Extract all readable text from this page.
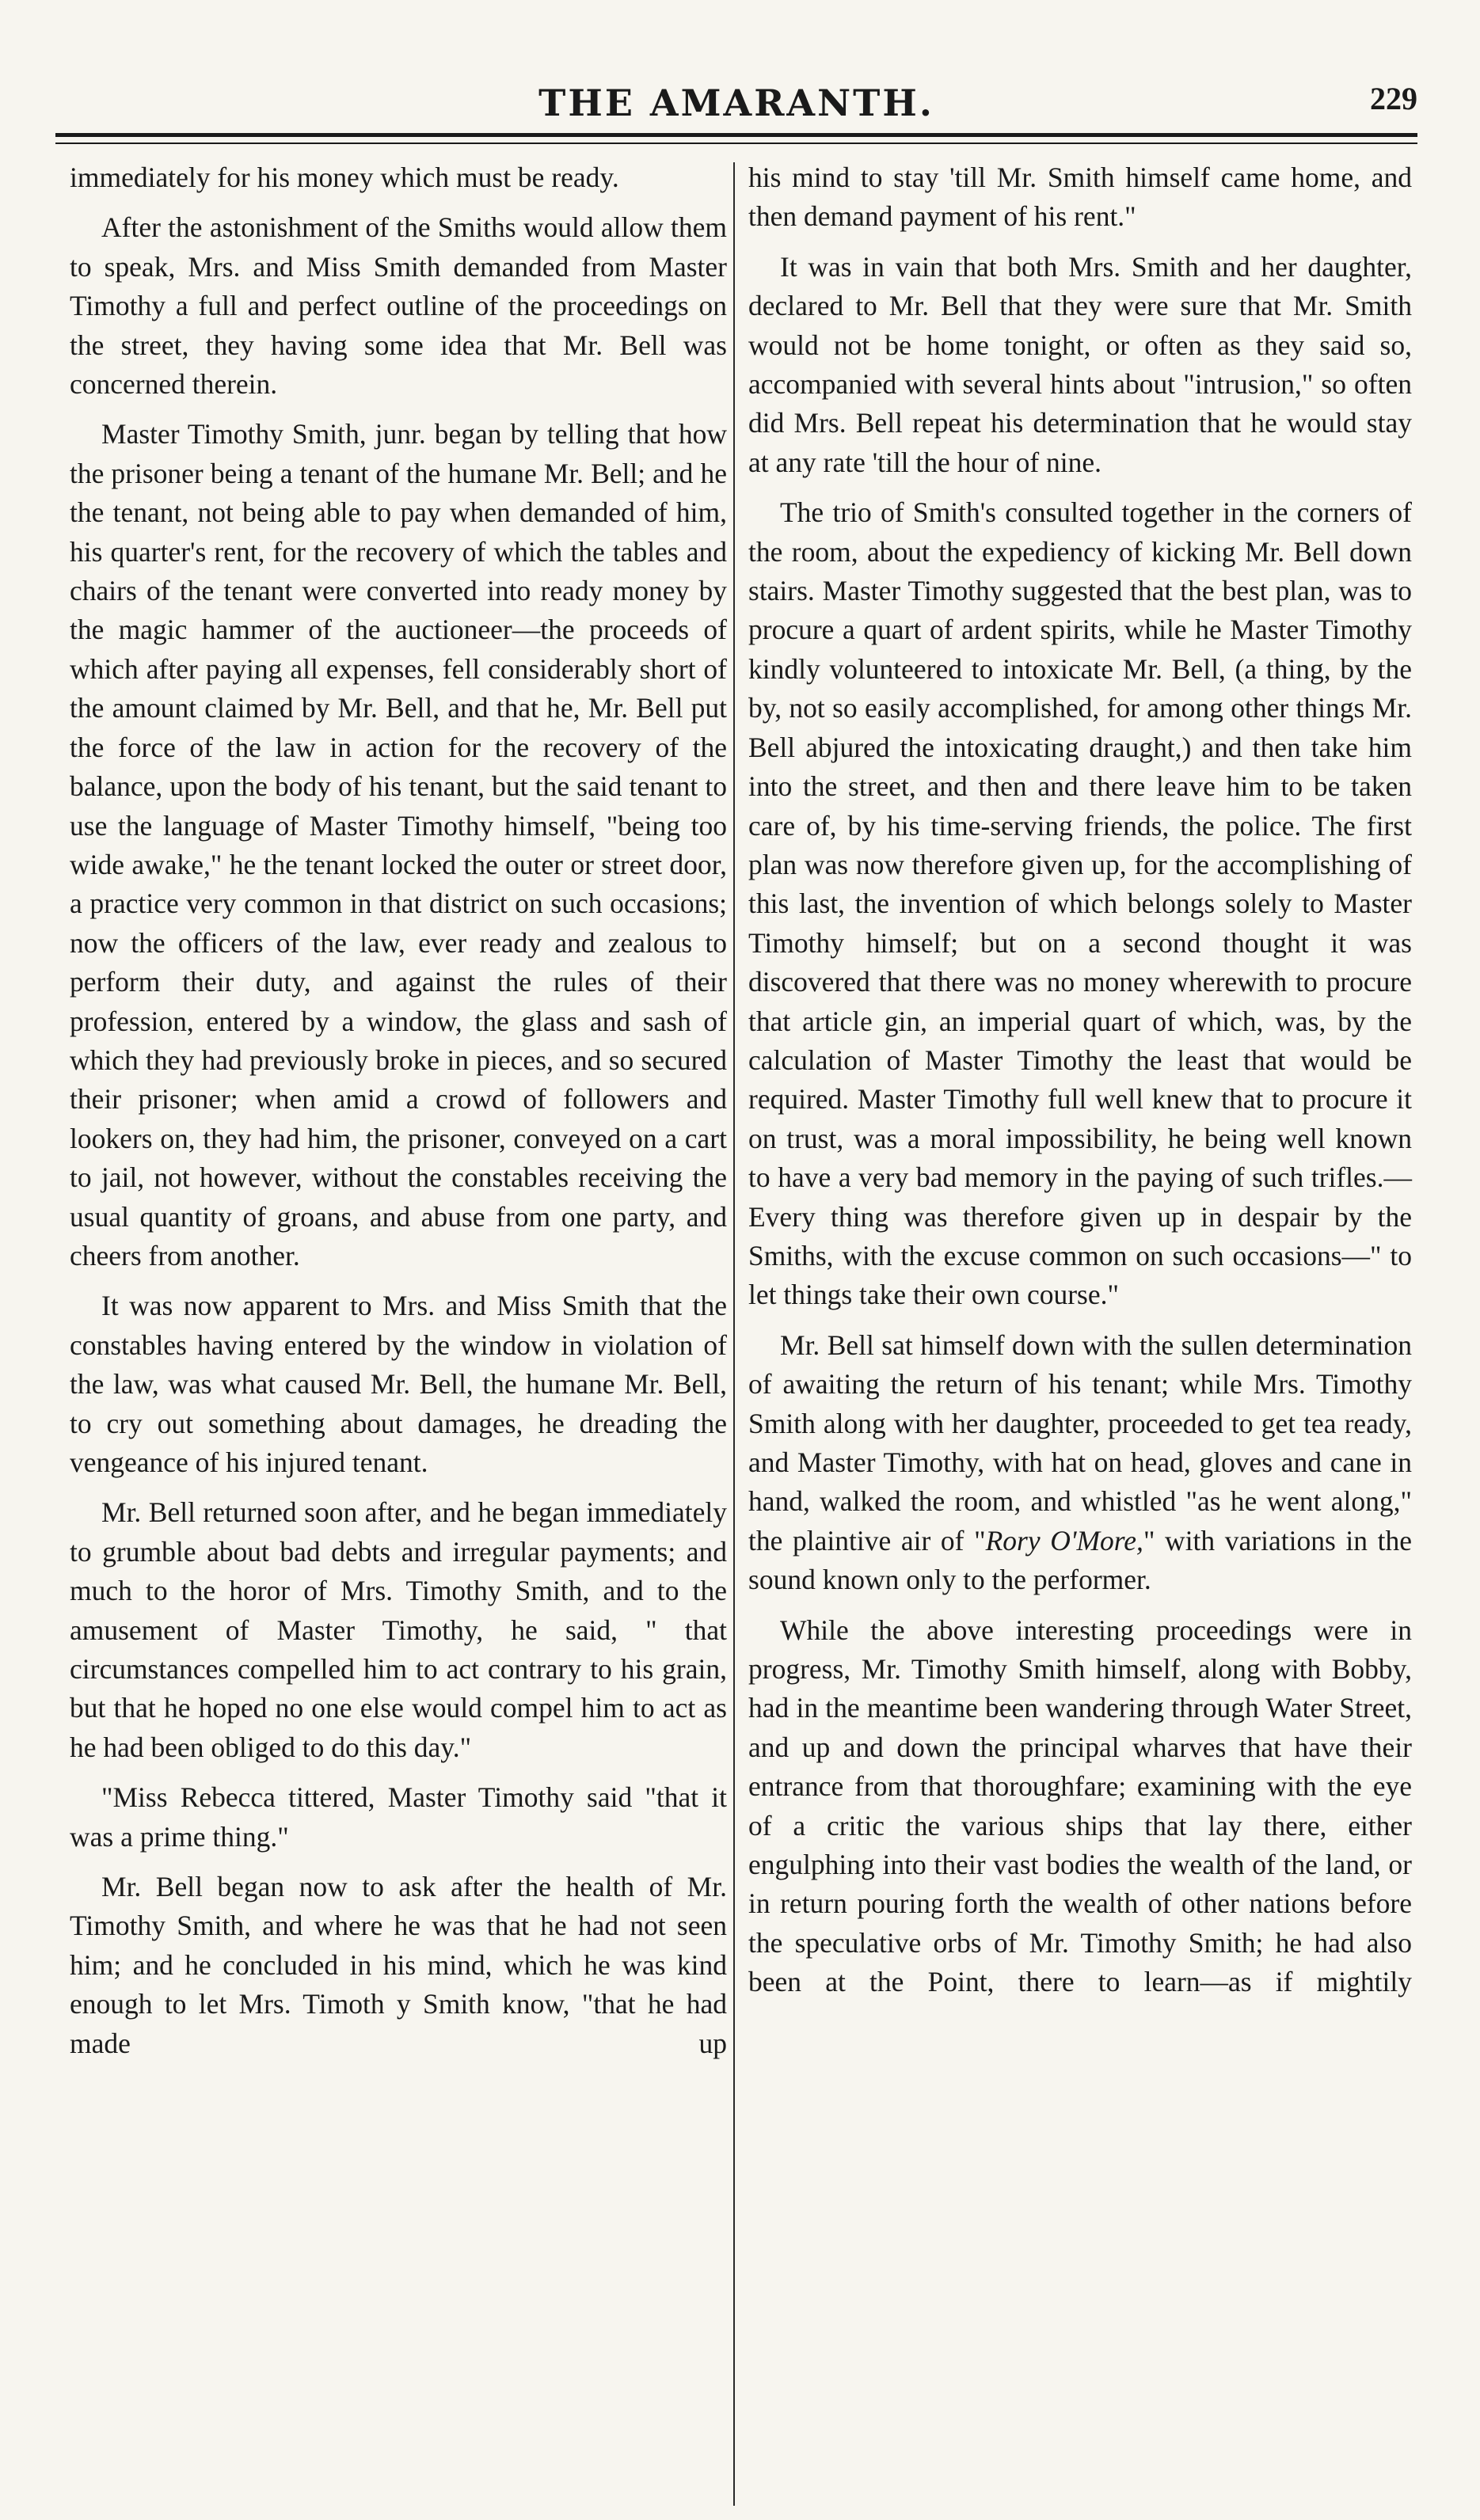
THE AMARANTH.	229

immediately for his money which must be ready.

After the astonishment of the Smiths would allow them to speak, Mrs. and Miss Smith demanded from Master Timothy a full and perfect outline of the proceedings on the street, they having some idea that Mr. Bell was concerned therein.

Master Timothy Smith, junr. began by telling that how the prisoner being a tenant of the humane Mr. Bell; and he the tenant, not being able to pay when demanded of him, his quarter's rent, for the recovery of which the tables and chairs of the tenant were converted into ready money by the magic hammer of the auctioneer—the proceeds of which after paying all expenses, fell considerably short of the amount claimed by Mr. Bell, and that he, Mr. Bell put the force of the law in action for the recovery of the balance, upon the body of his tenant, but the said tenant to use the language of Master Timothy himself, "being too wide awake," he the tenant locked the outer or street door, a practice very common in that district on such occasions; now the officers of the law, ever ready and zealous to perform their duty, and against the rules of their profession, entered by a window, the glass and sash of which they had previously broke in pieces, and so secured their prisoner; when amid a crowd of followers and lookers on, they had him, the prisoner, conveyed on a cart to jail, not however, without the constables receiving the usual quantity of groans, and abuse from one party, and cheers from another.

It was now apparent to Mrs. and Miss Smith that the constables having entered by the window in violation of the law, was what caused Mr. Bell, the humane Mr. Bell, to cry out something about damages, he dreading the vengeance of his injured tenant.

Mr. Bell returned soon after, and he began immediately to grumble about bad debts and irregular payments; and much to the horor of Mrs. Timothy Smith, and to the amusement of Master Timothy, he said, " that circumstances compelled him to act contrary to his grain, but that he hoped no one else would compel him to act as he had been obliged to do this day."

"Miss Rebecca tittered, Master Timothy said "that it was a prime thing."

Mr. Bell began now to ask after the health of Mr. Timothy Smith, and where he was that he had not seen him; and he concluded in his mind, which he was kind enough to let Mrs. Timoth y Smith know, "that he had made up

his mind to stay 'till Mr. Smith himself came home, and then demand payment of his rent."

It was in vain that both Mrs. Smith and her daughter, declared to Mr. Bell that they were sure that Mr. Smith would not be home tonight, or often as they said so, accompanied with several hints about "intrusion," so often did Mrs. Bell repeat his determination that he would stay at any rate 'till the hour of nine.

The trio of Smith's consulted together in the corners of the room, about the expediency of kicking Mr. Bell down stairs. Master Timothy suggested that the best plan, was to procure a quart of ardent spirits, while he Master Timothy kindly volunteered to intoxicate Mr. Bell, (a thing, by the by, not so easily accomplished, for among other things Mr. Bell abjured the intoxicating draught,) and then take him into the street, and then and there leave him to be taken care of, by his time-serving friends, the police. The first plan was now therefore given up, for the accomplishing of this last, the invention of which belongs solely to Master Timothy himself; but on a second thought it was discovered that there was no money wherewith to procure that article gin, an imperial quart of which, was, by the calculation of Master Timothy the least that would be required. Master Timothy full well knew that to procure it on trust, was a moral impossibility, he being well known to have a very bad memory in the paying of such trifles.—Every thing was therefore given up in despair by the Smiths, with the excuse common on such occasions—" to let things take their own course."

Mr. Bell sat himself down with the sullen determination of awaiting the return of his tenant; while Mrs. Timothy Smith along with her daughter, proceeded to get tea ready, and Master Timothy, with hat on head, gloves and cane in hand, walked the room, and whistled "as he went along," the plaintive air of "Rory O'More," with variations in the sound known only to the performer.

While the above interesting proceedings were in progress, Mr. Timothy Smith himself, along with Bobby, had in the meantime been wandering through Water Street, and up and down the principal wharves that have their entrance from that thoroughfare; examining with the eye of a critic the various ships that lay there, either engulphing into their vast bodies the wealth of the land, or in return pouring forth the wealth of other nations before the speculative orbs of Mr. Timothy Smith; he had also been at the Point, there to learn—as if mightily
